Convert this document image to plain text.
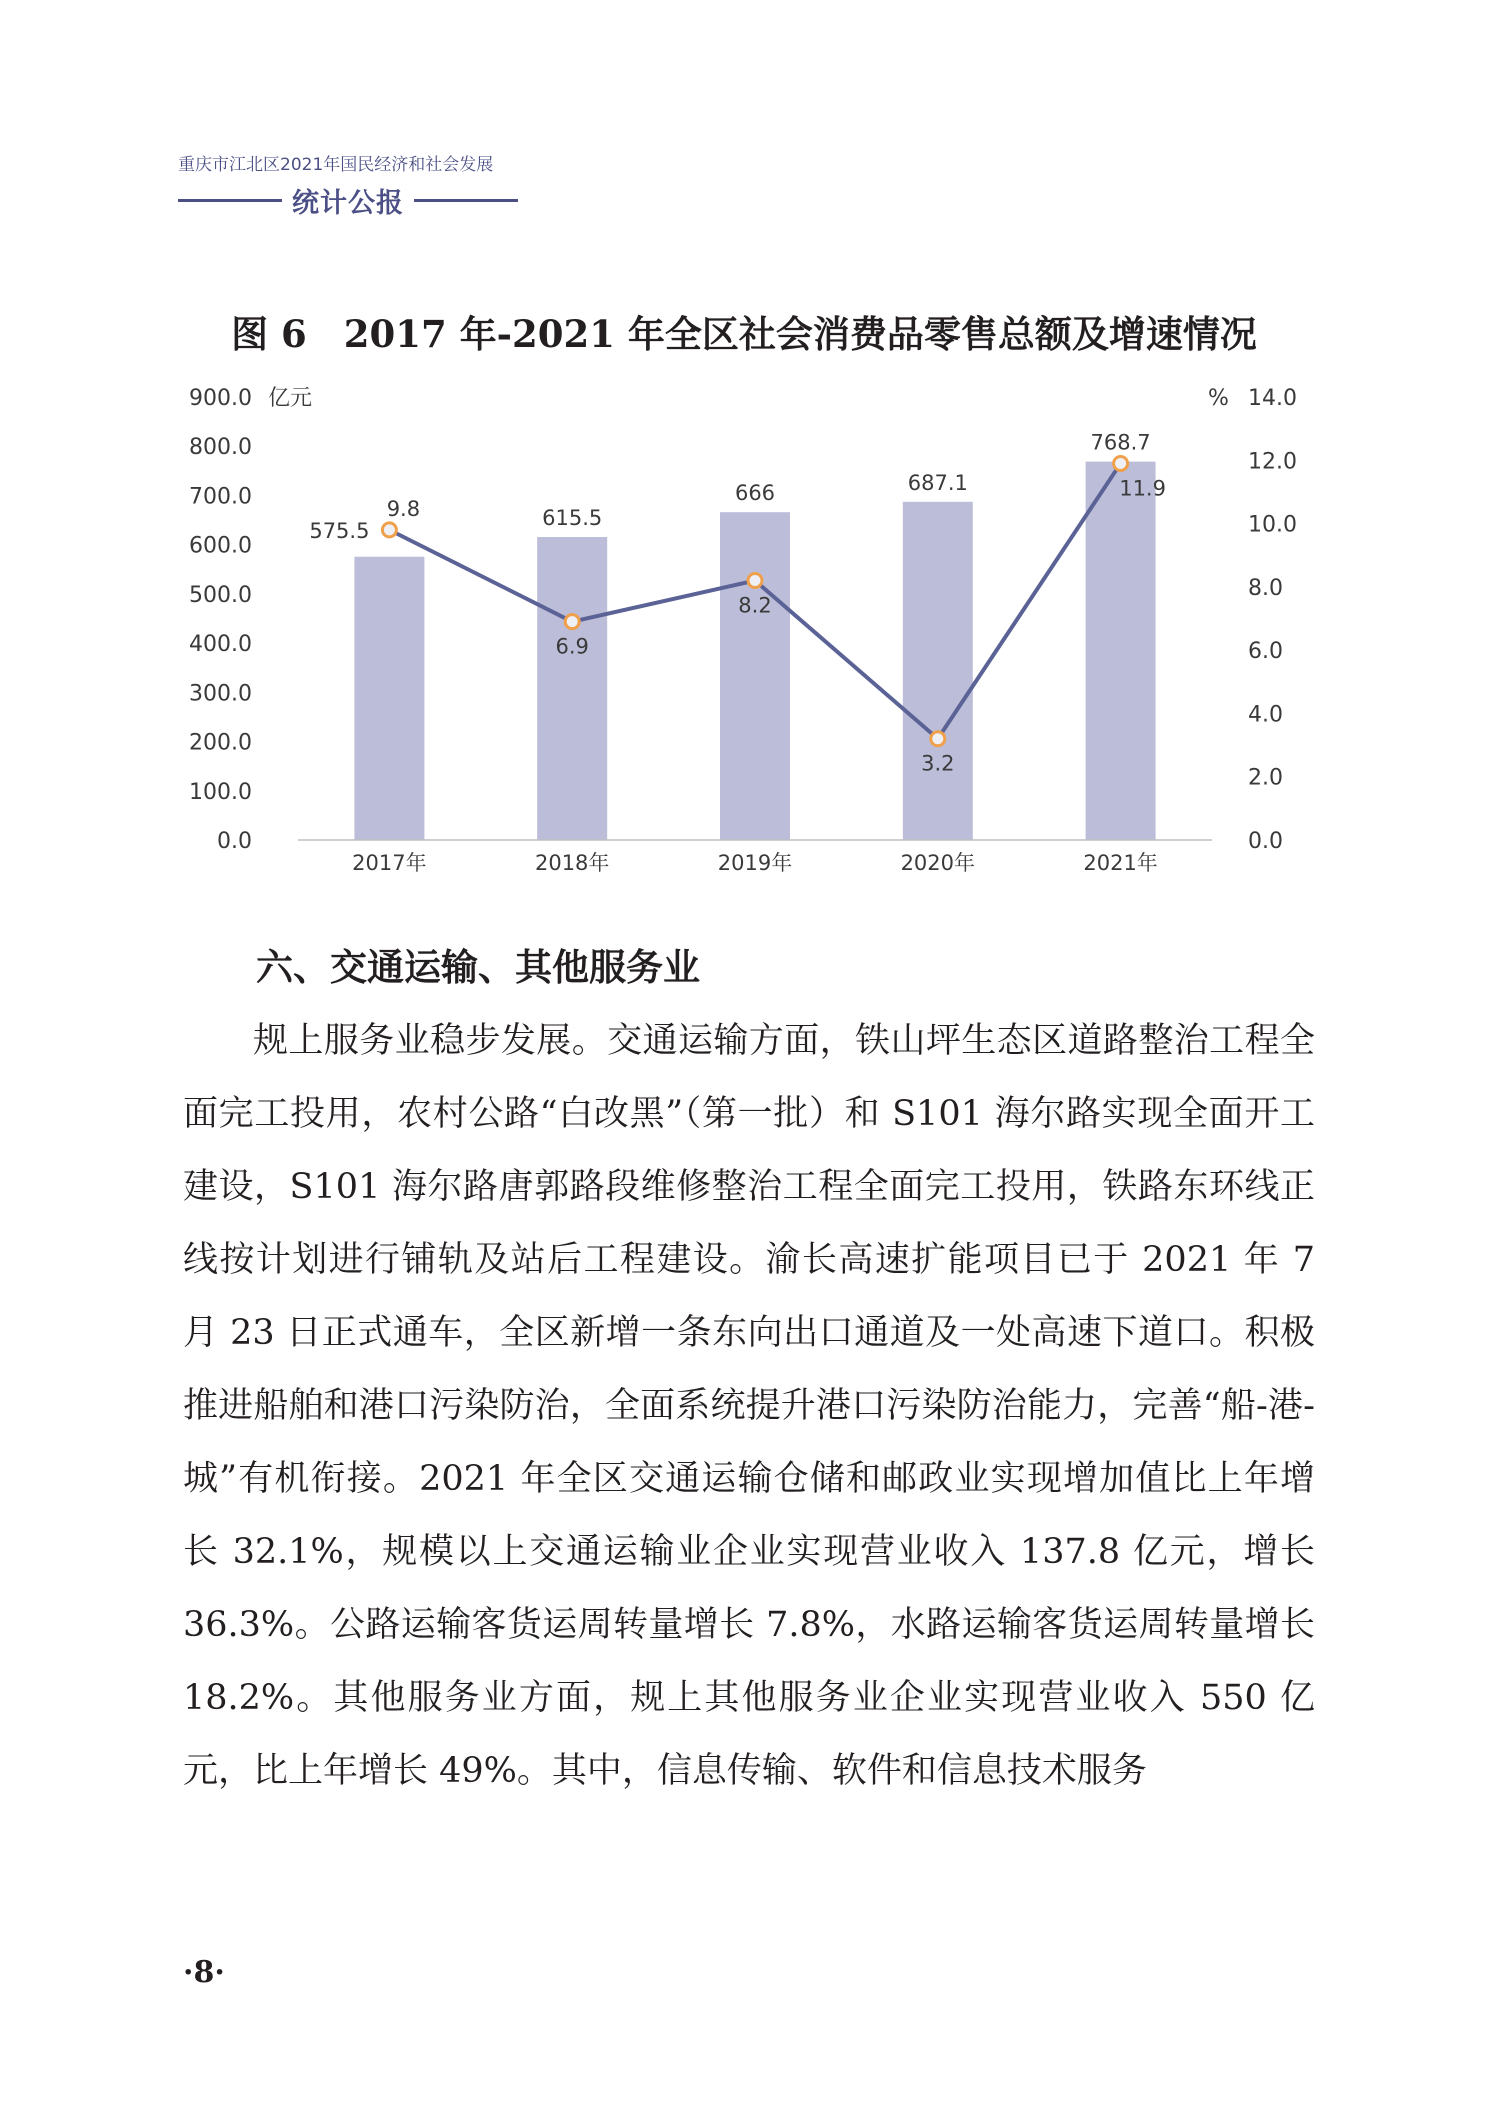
重庆市江北区2021年国民经济和社会发展
统计公报
图 6　2017 年-2021 年全区社会消费品零售总额及增速情况
0.0
100.0
200.0
300.0
400.0
500.0
600.0
700.0
800.0
900.0
0.0
2.0
4.0
6.0
8.0
10.0
12.0
14.0
亿元	%
575.5
615.5
666	687.1
768.7
2017年	2018年	2019年	2020年	2021年
9.8
6.9
8.2
3.2
11.9
六、交通运输、其他服务业

规上服务业稳步发展。交通运输方面，铁山坪生态区道路整治工程全面完工投用，农村公路“白改黑”（第一批）和 S101 海尔路实现全面开工建设，S101 海尔路唐郭路段维修整治工程全面完工投用，铁路东环线正线按计划进行铺轨及站后工程建设。渝长高速扩能项目已于 2021 年 7 月 23 日正式通车，全区新增一条东向出口通道及一处高速下道口。积极推进船舶和港口污染防治，全面系统提升港口污染防治能力，完善“船-港-城”有机衔接。2021 年全区交通运输仓储和邮政业实现增加值比上年增长 32.1%，规模以上交通运输业企业实现营业收入 137.8 亿元，增长 36.3%。公路运输客货运周转量增长 7.8%，水路运输客货运周转量增长 18.2%。其他服务业方面，规上其他服务业企业实现营业收入 550 亿元，比上年增长 49%。其中，信息传输、软件和信息技术服务

·8·
